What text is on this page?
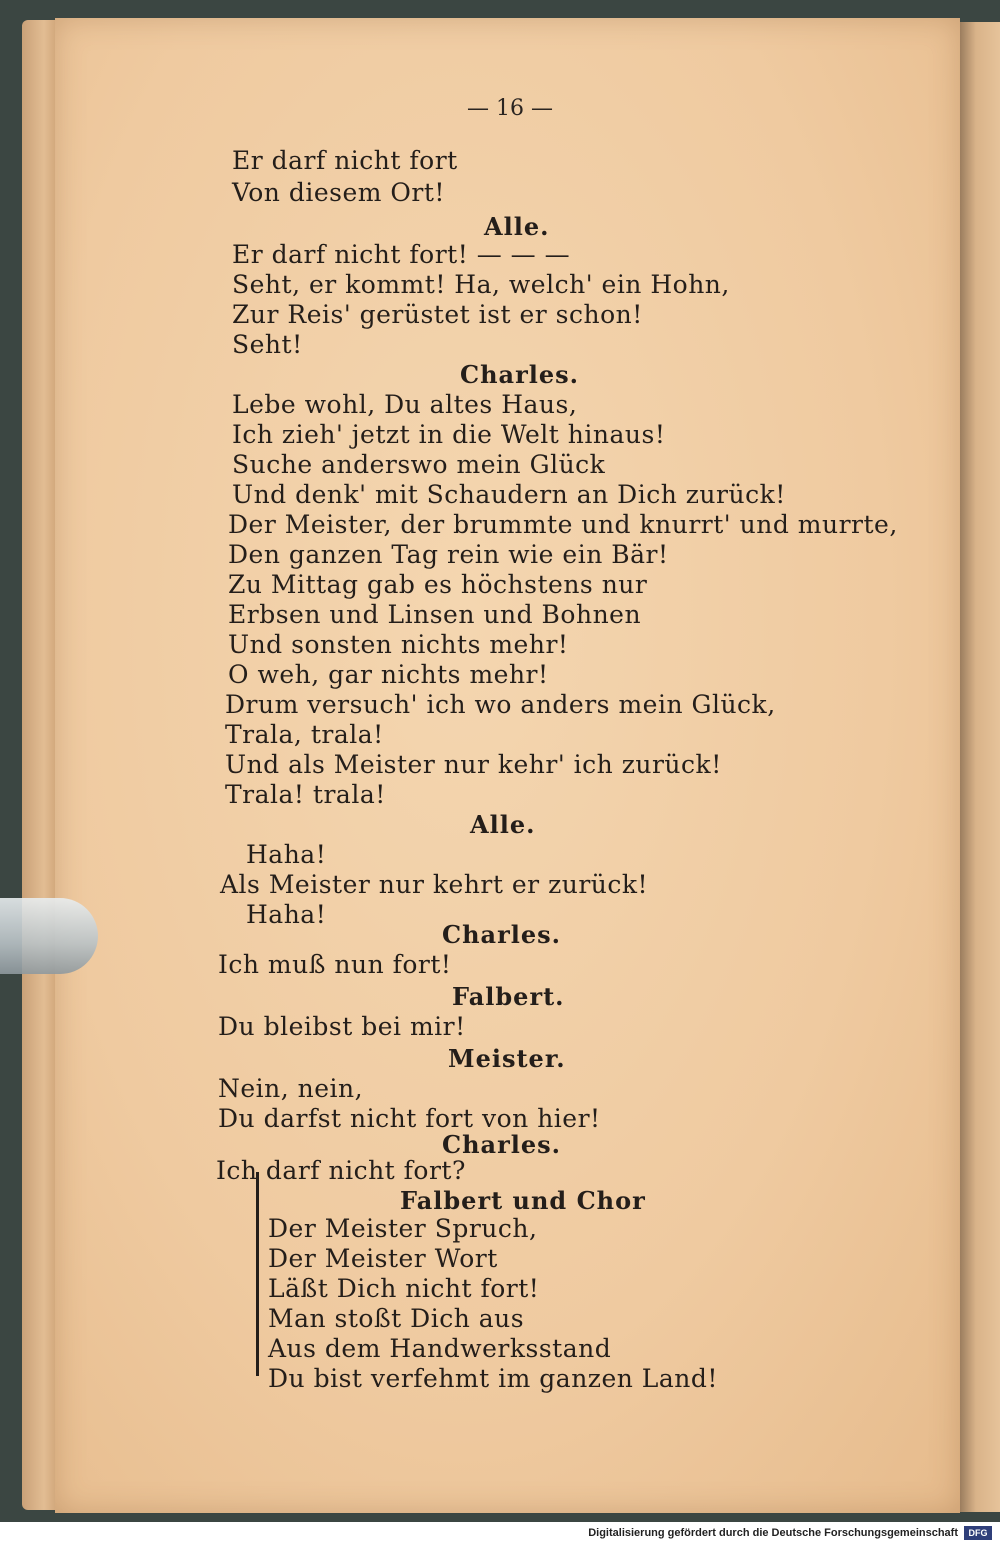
— 16 —
Er darf nicht fort
Von diesem Ort!
Alle.
Er darf nicht fort! — — —
Seht, er kommt! Ha, welch' ein Hohn,
Zur Reis' gerüstet ist er schon!
Seht!
Charles.
Lebe wohl, Du altes Haus,
Ich zieh' jetzt in die Welt hinaus!
Suche anderswo mein Glück
Und denk' mit Schaudern an Dich zurück!
Der Meister, der brummte und knurrt' und murrte,
Den ganzen Tag rein wie ein Bär!
Zu Mittag gab es höchstens nur
Erbsen und Linsen und Bohnen
Und sonsten nichts mehr!
O weh, gar nichts mehr!
Drum versuch' ich wo anders mein Glück,
Trala, trala!
Und als Meister nur kehr' ich zurück!
Trala! trala!
Alle.
Haha!
Als Meister nur kehrt er zurück!
Haha!
Charles.
Ich muß nun fort!
Falbert.
Du bleibst bei mir!
Meister.
Nein, nein,
Du darfst nicht fort von hier!
Charles.
Ich darf nicht fort?
Falbert und Chor
Der Meister Spruch,
Der Meister Wort
Läßt Dich nicht fort!
Man stoßt Dich aus
Aus dem Handwerksstand
Du bist verfehmt im ganzen Land!
Digitalisierung gefördert durch die Deutsche Forschungsgemeinschaft	DFG
